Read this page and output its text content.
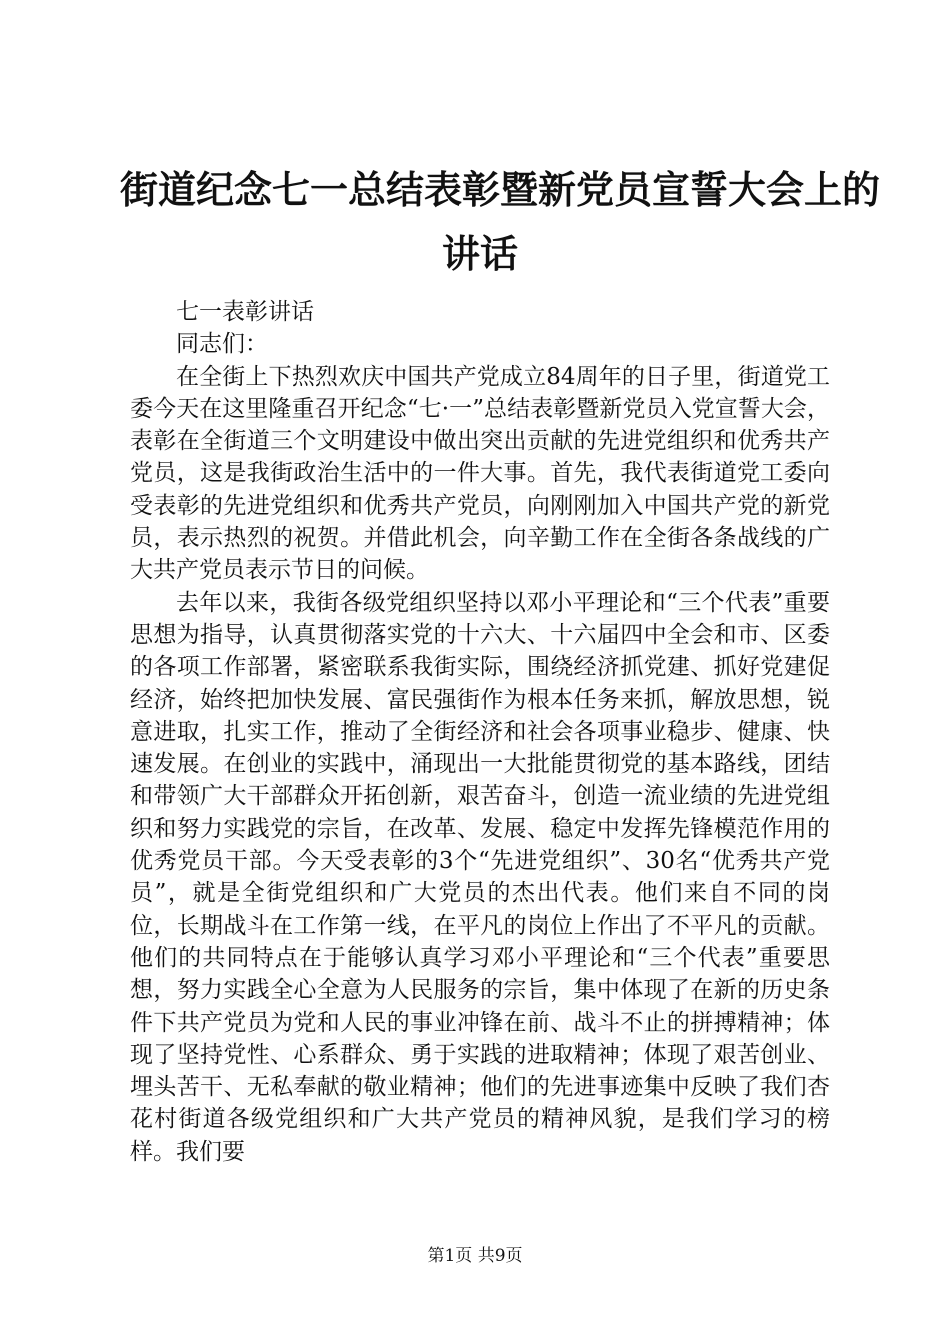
街道纪念七一总结表彰暨新党员宣誓大会上的
讲话

七一表彰讲话

同志们：

在全街上下热烈欢庆中国共产党成立84周年的日子里，街道党工委今天在这里隆重召开纪念“七·一”总结表彰暨新党员入党宣誓大会，表彰在全街道三个文明建设中做出突出贡献的先进党组织和优秀共产党员，这是我街政治生活中的一件大事。首先，我代表街道党工委向受表彰的先进党组织和优秀共产党员，向刚刚加入中国共产党的新党员，表示热烈的祝贺。并借此机会，向辛勤工作在全街各条战线的广大共产党员表示节日的问候。

去年以来，我街各级党组织坚持以邓小平理论和“三个代表”重要思想为指导，认真贯彻落实党的十六大、十六届四中全会和市、区委的各项工作部署，紧密联系我街实际，围绕经济抓党建、抓好党建促经济，始终把加快发展、富民强街作为根本任务来抓，解放思想，锐意进取，扎实工作，推动了全街经济和社会各项事业稳步、健康、快速发展。在创业的实践中，涌现出一大批能贯彻党的基本路线，团结和带领广大干部群众开拓创新，艰苦奋斗，创造一流业绩的先进党组织和努力实践党的宗旨，在改革、发展、稳定中发挥先锋模范作用的优秀党员干部。今天受表彰的3个“先进党组织”、30名“优秀共产党员”，就是全街党组织和广大党员的杰出代表。他们来自不同的岗位，长期战斗在工作第一线，在平凡的岗位上作出了不平凡的贡献。他们的共同特点在于能够认真学习邓小平理论和“三个代表”重要思想，努力实践全心全意为人民服务的宗旨，集中体现了在新的历史条件下共产党员为党和人民的事业冲锋在前、战斗不止的拼搏精神；体现了坚持党性、心系群众、勇于实践的进取精神；体现了艰苦创业、埋头苦干、无私奉献的敬业精神；他们的先进事迹集中反映了我们杏花村街道各级党组织和广大共产党员的精神风貌，是我们学习的榜样。我们要

第1页 共9页
